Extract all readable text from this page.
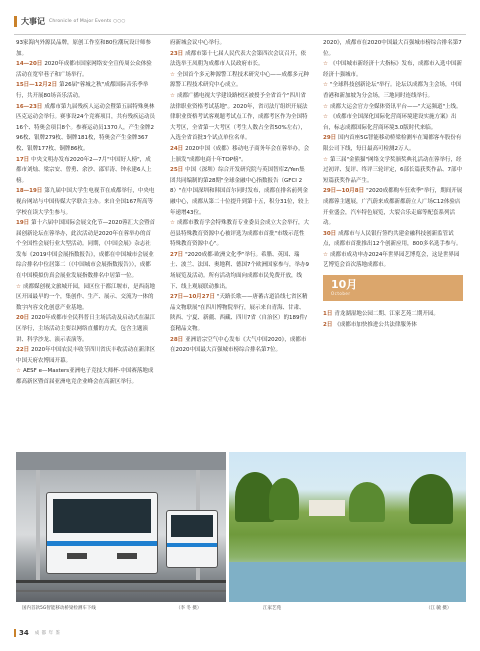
大事记 Chronicle of Major Events ○○○

93家海内外源民品牌，原创工作室和80位潮玩设计师参加。

14—20日 2020年成都市国家网络安全宣传周公众体验活动在宽窄巷子和广场举行。

15日—12月2日 第26届"蓉城之秋"成都国际音乐季举行，共开展80场音乐活动。

16—23日 成都市第九届残疾人运动会暨第五届特殊奥林匹克运动会举行。赛事设24个竞赛项目，共有残疾运动员16个、特奥会项目8个。参赛运动员1370人，产生金牌296枚、银牌279枚、铜牌181枚，特奥会产生金牌367枚、银牌177枚、铜牌86枚。

17日 中央文明办发布2020年2—7月"中国好人榜"，成都市刘灿、梁宗安、曾勇、余沙、邵军涛、钟永建6人上榜。

18—19日 第九届中国大学生电视节在成都举行，中央电视台网站与中国传媒大学联合主办。来自全国167所高等学校在读大学生参与。

19日 第十六届中国国际会展文化节—2020蓉汇大会暨首届创新论坛在蓉举办，此次活动是2020年在蓉举办的首个全国性会展行业大型活动。同期，《中国会展》杂志社发布《2019中国会展指数报告》，成都在中国城市会展业综合排名中位居第二（《中国城市会展指数报告》），成都在中国模拟仿真会展业发展指数排名中居第一位。

☆ 成都媒创视文旅城开园，园区位于都江堰市，是西南地区开园最早的一个，集创作、生产、展示、交流为一体的数字内容文化创意产业基地。

20日 2020年成都市全民科普日主场活动及启动式在温江区举行，主场活动主要以网络直播的方式，包含主题演讲、科学沙龙、演示表演等。

22日 2020年中国农民丰收节四川省庆丰收活动在新津区中国天府农博园开幕。

☆ AESF e—Masters亚洲电子竞技大师杯·中国赛落地成都高新区暨首届亚洲电竞企业峰会在高新区举行。

府新城会议中心举行。

23日 成都市第十七届人民代表大会第四次会议召开，依法选举王凤朝为成都市人民政府市长。

☆ 全国首个多元种源警工程技术研究中心——成都多元种源警工程技术研究中心成立。

☆ 成都广播电视大学建设路校区被授予全省首个"四川省法律职业资格考试基地"。2020年，省司法厅组织开展法律职业资格考试客观题考试点工作，成都考区作为全国特大考区，全省第一大考区（考生人数占全省50%左右），入选全省首批3个试点单位名单。

24日 2020中国（成都）移动电子商务年会在蓉举办，会上颁发"成都电商十年TOP榜"。

25日 中国（深圳）综合开发研究院与英国智库Z/Yen集团共同编制的第28期"全球金融中心指数报告（GFCI 28）"在中国深圳和韩国首尔同时发布，成都在排名前列金融中心，成都从第二十位提升到第十五，积分31位，较上年递增43位。

☆ 成都市教育学会特殊教育专业委员会成立大会举行，大邑县特殊教育资源中心被评选为成都市首批"市级示范性特殊教育资源中心"。

27日 "2020成都·欧洲文化季"举行。希腊、英国、瑞士、波兰、法国、奥地利、德国7个欧洲国家参与，举办9场展览及活动。所有活动均面向成都市民免费开放，线下、线上观展联动推出。

27日—10月27日 "天路长歌——唐蕃古道沿线七省区精品文物联展"在四川博物院举行，展示来自青海、甘肃、陕西、宁夏、新疆、西藏、四川7省（自治区）的189件/套精品文物。

28日 亚洲语宗空气中心发布《大气中国2020》，成都市在2020中国最大百强城市榜综合排名第7位。

2020》，成都市在2020中国最大百强城市榜综合排名第7位。

☆ 《中国城市新经济十大指标》发布，成都市入选中国新经济十强城市。

☆ "全球科技创新论坛"举行。论坛以成都为主会场，中国香港和新加坡为分会场，三地同时连线举行。

☆ 成都大运会官方全媒体资讯平台——"大运频道"上线。

☆ 《成都市全国深化国际化营商环境建设实施方案》出台，标志成都国际化营商环境3.0版时代来临。

29日 国内首座5G智能移动桥梁检测车在蜀都客车股份有限公司下线，每日最高可检测2万人。

☆ 第三届"金熊猫"网络文学奖颁奖典礼活动在蓉举行，经过初评、复评、终评三轮评定，6部长篇获奖作品、7部中短篇获奖作品产生。

29日—10月8日 "2020成都购车狂欢季"举行，期间开展成都蓉主题展，广汽蔚来成都新都蔚立人广场C12体验店开业盛会，汽车特色展览，大裂合乐走廊等配套系列活动。

30日 成都市与人民银行签约共建金融科技创新监管试点，成都市首批推出12个创新应用，800多名选手参与。

☆ 成都市成功申办2024年世界园艺博览会，这是世界园艺博览会首次落地成都市。

10月
October

1日 青龙湖湿地公园二期、江家艺苑二期开园。

2日 《成都市加快推进公共法律服务体

国内首款5G智能移动桥梁检测车下线	（李 冬 摄）	江家艺苑	（江 毓 摄）
34 成 都 年 鉴
